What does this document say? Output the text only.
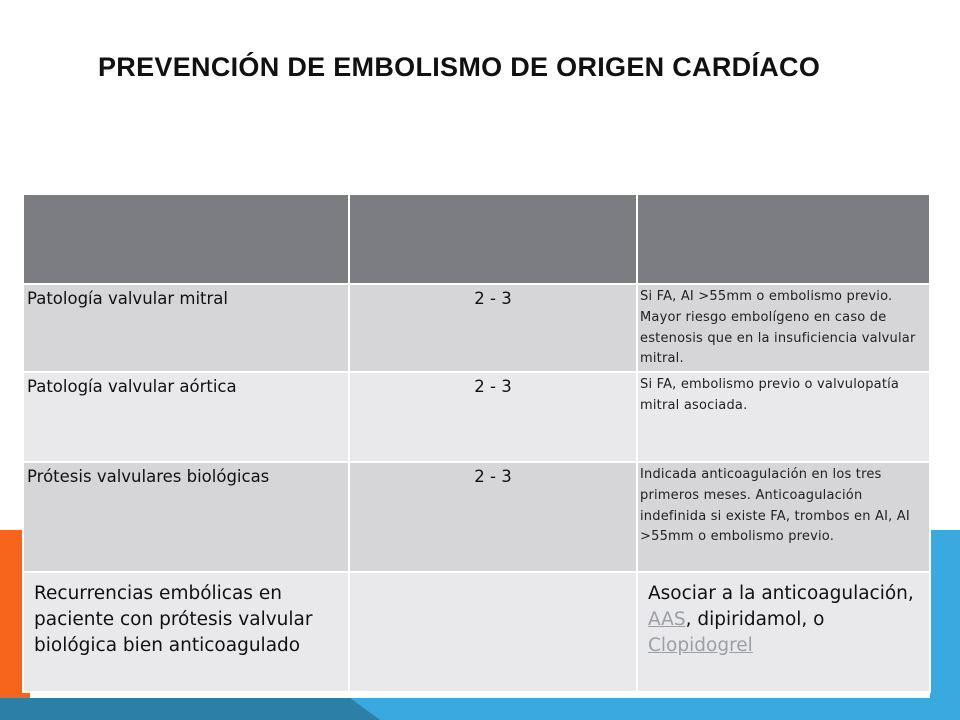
PREVENCIÓN DE EMBOLISMO DE ORIGEN CARDÍACO

Patología valvular mitral	2 - 3	Si FA, AI >55mm o embolismo previo. Mayor riesgo embolígeno en caso de estenosis que en la insuficiencia valvular mitral.

Patología valvular aórtica	2 - 3	Si FA, embolismo previo o valvulopatía mitral asociada.

Prótesis valvulares biológicas	2 - 3	Indicada anticoagulación en los tres primeros meses. Anticoagulación indefinida si existe FA, trombos en AI, AI >55mm o embolismo previo.

Recurrencias embólicas en paciente con prótesis valvular biológica bien anticoagulado		Asociar a la anticoagulación, AAS, dipiridamol, o Clopidogrel
